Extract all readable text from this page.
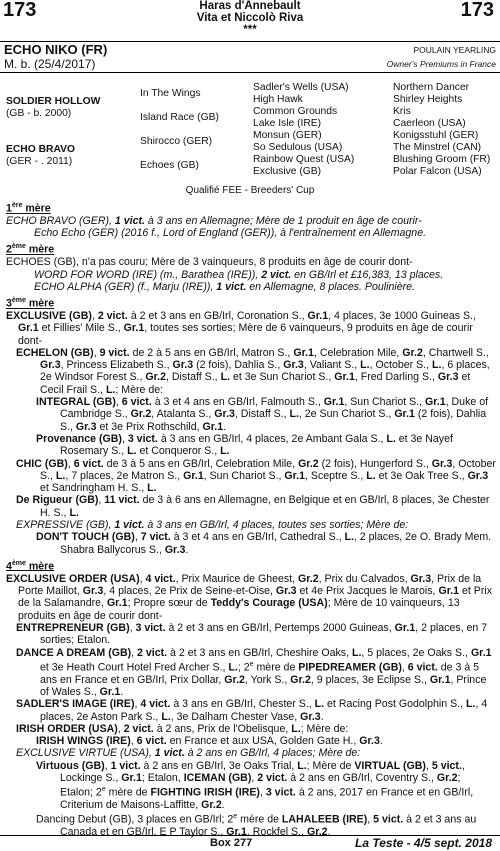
173	Haras d'Annebault
Vita et Niccolò Riva
***
173
ECHO NIKO (FR)
M. b. (25/4/2017)
POULAIN YEARLING
Owner's Premiums in France
SOLDIER HOLLOW
(GB - b. 2000)
ECHO BRAVO
(GER - . 2011)
In The Wings
Island Race (GB)
Shirocco (GER)
Echoes (GB)
Sadler's Wells (USA)
High Hawk
Common Grounds
Lake Isle (IRE)
Monsun (GER)
So Sedulous (USA)
Rainbow Quest (USA)
Exclusive (GB)
Northern Dancer
Shirley Heights
Kris
Caerleon (USA)
Konigsstuhl (GER)
The Minstrel (CAN)
Blushing Groom (FR)
Polar Falcon (USA)
Qualifié FEE - Breeders' Cup

1ère mère

ECHO BRAVO (GER), 1 vict. à 3 ans en Allemagne; Mère de 1 produit en âge de courir-

Echo Echo (GER) (2016 f., Lord of England (GER)), à l'entraînement en Allemagne.

2ème mère

ECHOES (GB), n'a pas couru; Mère de 3 vainqueurs, 8 produits en âge de courir dont-

WORD FOR WORD (IRE) (m., Barathea (IRE)), 2 vict. en GB/Irl et £16,383, 13 places.

ECHO ALPHA (GER) (f., Marju (IRE)), 1 vict. en Allemagne, 8 places. Poulinière.

3ème mère

EXCLUSIVE (GB), 2 vict. à 2 et 3 ans en GB/Irl, Coronation S., Gr.1, 4 places, 3e 1000 Guineas S., Gr.1 et Fillies' Mile S., Gr.1, toutes ses sorties; Mère de 6 vainqueurs, 9 produits en âge de courir dont-

ECHELON (GB), 9 vict. de 2 à 5 ans en GB/Irl, Matron S., Gr.1, Celebration Mile, Gr.2, Chartwell S., Gr.3, Princess Elizabeth S., Gr.3 (2 fois), Dahlia S., Gr.3, Valiant S., L., October S., L., 6 places, 2e Windsor Forest S., Gr.2, Distaff S., L. et 3e Sun Chariot S., Gr.1, Fred Darling S., Gr.3 et Cecil Frail S., L.; Mère de:

INTEGRAL (GB), 6 vict. à 3 et 4 ans en GB/Irl, Falmouth S., Gr.1, Sun Chariot S., Gr.1, Duke of Cambridge S., Gr.2, Atalanta S., Gr.3, Distaff S., L., 2e Sun Chariot S., Gr.1 (2 fois), Dahlia S., Gr.3 et 3e Prix Rothschild, Gr.1.

Provenance (GB), 3 vict. à 3 ans en GB/Irl, 4 places, 2e Ambant Gala S., L. et 3e Nayef Rosemary S., L. et Conqueror S., L.

CHIC (GB), 6 vict. de 3 à 5 ans en GB/Irl, Celebration Mile, Gr.2 (2 fois), Hungerford S., Gr.3, October S., L., 7 places, 2e Matron S., Gr.1, Sun Chariot S., Gr.1, Sceptre S., L. et 3e Oak Tree S., Gr.3 et Sandringham H. S., L.

De Rigueur (GB), 11 vict. de 3 à 6 ans en Allemagne, en Belgique et en GB/Irl, 8 places, 3e Chester H. S., L.

EXPRESSIVE (GB), 1 vict. à 3 ans en GB/Irl, 4 places, toutes ses sorties; Mère de:

DON'T TOUCH (GB), 7 vict. à 3 et 4 ans en GB/Irl, Cathedral S., L., 2 places, 2e O. Brady Mem. Shabra Ballycorus S., Gr.3.

4ème mère

EXCLUSIVE ORDER (USA), 4 vict., Prix Maurice de Gheest, Gr.2, Prix du Calvados, Gr.3, Prix de la Porte Maillot, Gr.3, 4 places, 2e Prix de Seine-et-Oise, Gr.3 et 4e Prix Jacques le Marois, Gr.1 et Prix de la Salamandre, Gr.1; Propre sœur de Teddy's Courage (USA); Mère de 10 vainqueurs, 13 produits en âge de courir dont-

ENTREPRENEUR (GB), 3 vict. à 2 et 3 ans en GB/Irl, Pertemps 2000 Guineas, Gr.1, 2 places, en 7 sorties; Etalon.

DANCE A DREAM (GB), 2 vict. à 2 et 3 ans en GB/Irl, Cheshire Oaks, L., 5 places, 2e Oaks S., Gr.1 et 3e Heath Court Hotel Fred Archer S., L.; 2e mère de PIPEDREAMER (GB), 6 vict. de 3 à 5 ans en France et en GB/Irl, Prix Dollar, Gr.2, York S., Gr.2, 9 places, 3e Eclipse S., Gr.1, Prince of Wales S., Gr.1.

SADLER'S IMAGE (IRE), 4 vict. à 3 ans en GB/Irl, Chester S., L. et Racing Post Godolphin S., L., 4 places, 2e Aston Park S., L., 3e Dalham Chester Vase, Gr.3.

IRISH ORDER (USA), 2 vict. à 2 ans, Prix de l'Obelisque, L.; Mère de:

IRISH WINGS (IRE), 6 vict. en France et aux USA, Golden Gate H., Gr.3.

EXCLUSIVE VIRTUE (USA), 1 vict. à 2 ans en GB/Irl, 4 places; Mère de:

Virtuous (GB), 1 vict. à 2 ans en GB/Irl, 3e Oaks Trial, L.; Mère de VIRTUAL (GB), 5 vict., Lockinge S., Gr.1; Etalon, ICEMAN (GB), 2 vict. à 2 ans en GB/Irl, Coventry S., Gr.2; Etalon; 2e mère de FIGHTING IRISH (IRE), 3 vict. à 2 ans, 2017 en France et en GB/Irl, Criterium de Maisons-Laffitte, Gr.2.

Dancing Debut (GB), 3 places en GB/Irl; 2e mère de LAHALEEB (IRE), 5 vict. à 2 et 3 ans au Canada et en GB/Irl, E P Taylor S., Gr.1, Rockfel S., Gr.2.

Box 277	La Teste - 4/5 sept. 2018
